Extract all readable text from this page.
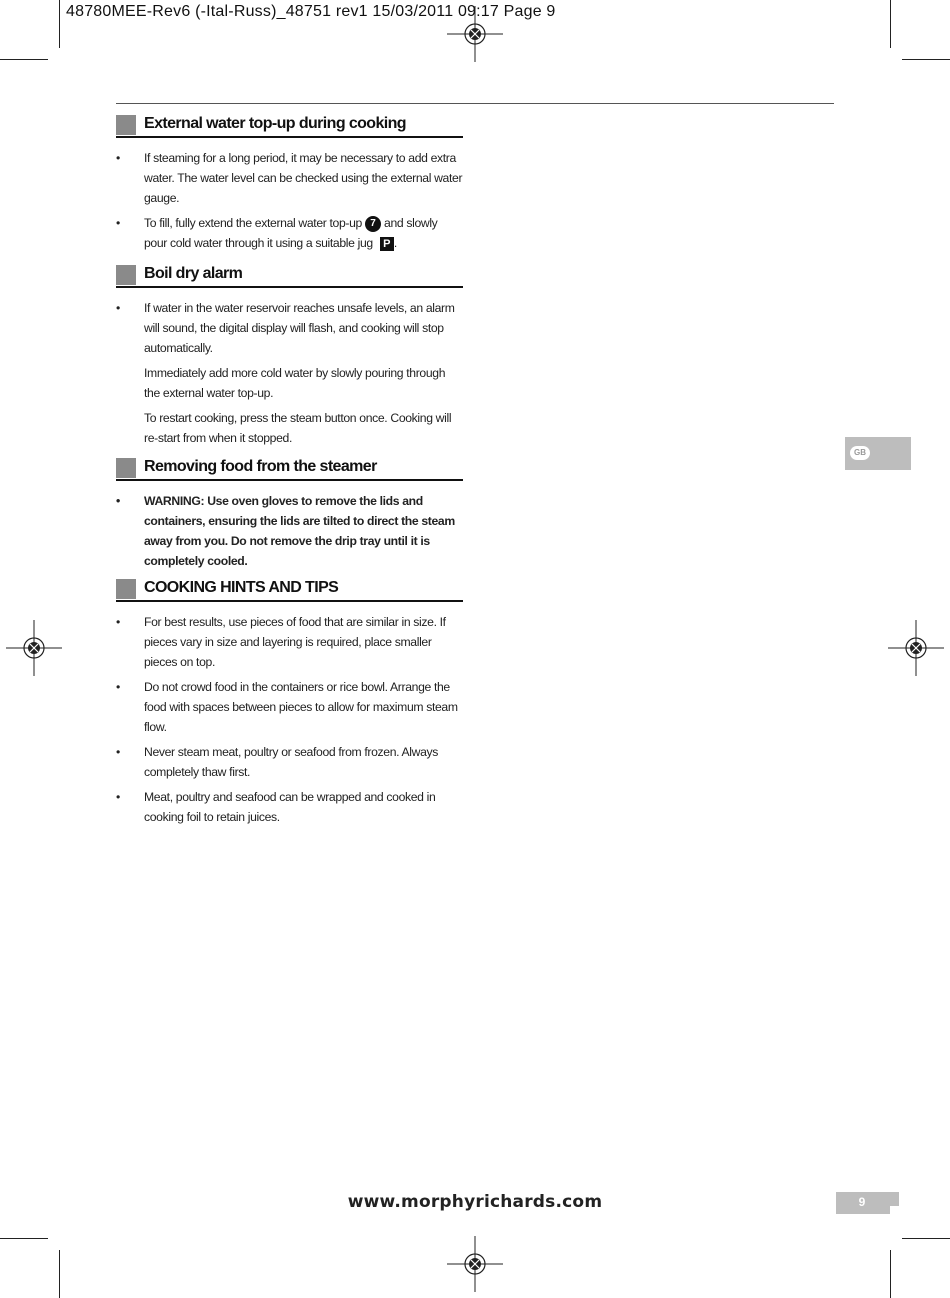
48780MEE-Rev6 (-Ital-Russ)_48751 rev1 15/03/2011 09:17 Page 9
External water top-up during cooking
• If steaming for a long period, it may be necessary to add extra water. The water level can be checked using the external water gauge.
• To fill, fully extend the external water top-up 7 and slowly pour cold water through it using a suitable jug P .
Boil dry alarm
• If water in the water reservoir reaches unsafe levels, an alarm will sound, the digital display will flash, and cooking will stop automatically.
Immediately add more cold water by slowly pouring through the external water top-up.
To restart cooking, press the steam button once. Cooking will re-start from when it stopped.
Removing food from the steamer
• WARNING: Use oven gloves to remove the lids and containers, ensuring the lids are tilted to direct the steam away from you. Do not remove the drip tray until it is completely cooled.
COOKING HINTS AND TIPS
• For best results, use pieces of food that are similar in size. If pieces vary in size and layering is required, place smaller pieces on top.
• Do not crowd food in the containers or rice bowl. Arrange the food with spaces between pieces to allow for maximum steam flow.
• Never steam meat, poultry or seafood from frozen. Always completely thaw first.
• Meat, poultry and seafood can be wrapped and cooked in cooking foil to retain juices.
GB
www.morphyrichards.com	9
